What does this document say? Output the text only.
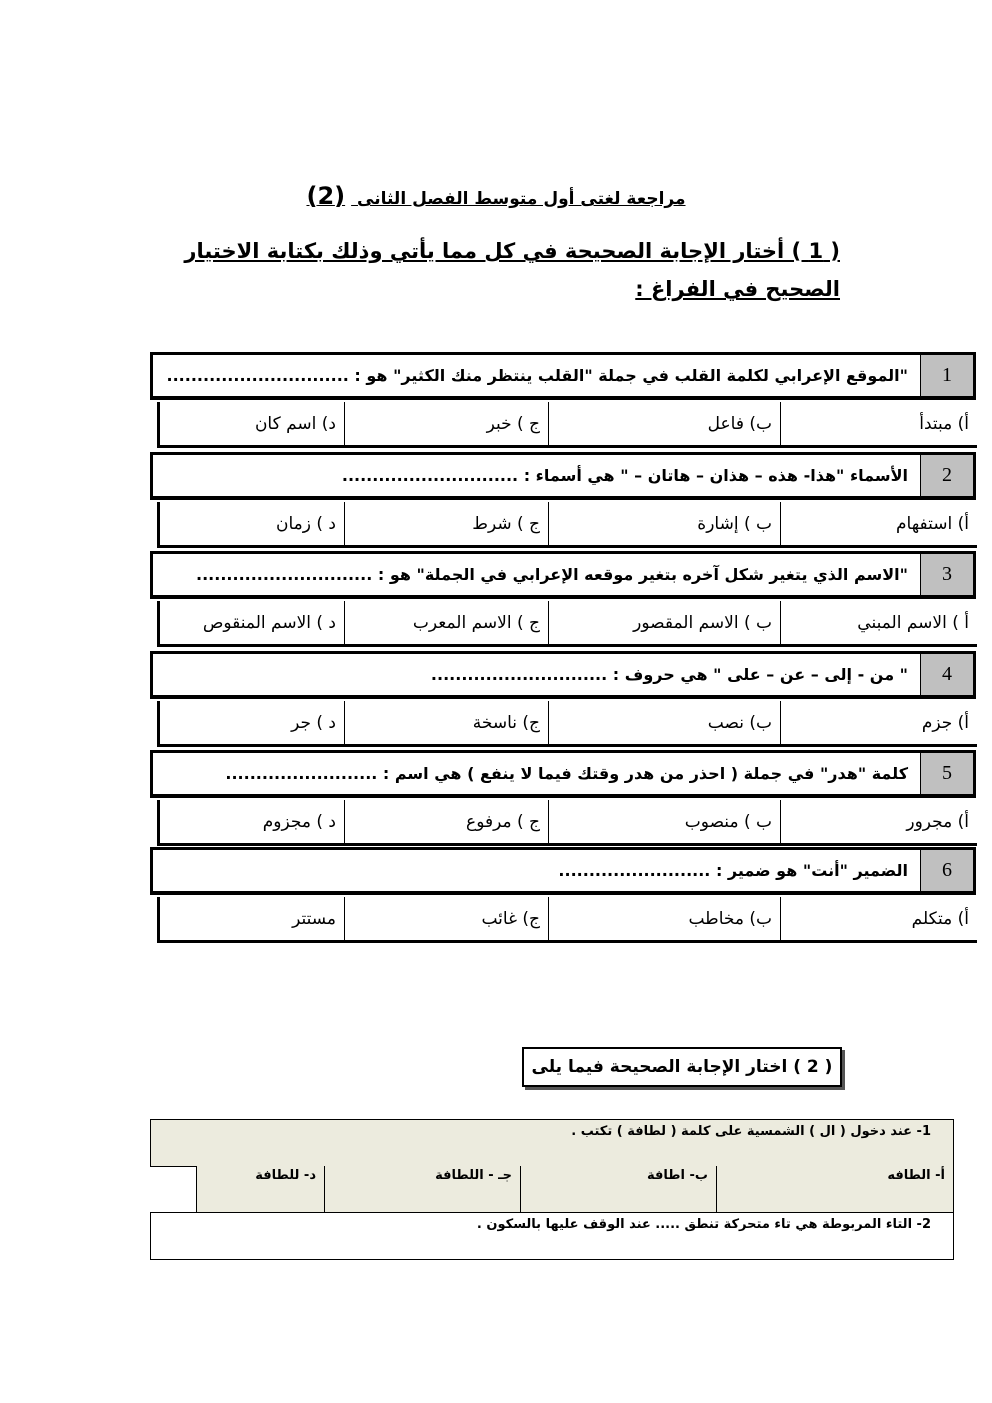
مراجعة لغتى أول متوسط الفصل الثانى (2)
( 1 ) أختار الإجابة الصحيحة في كل مما يأتي وذلك بكتابة الاختيار الصحيح في الفراغ :
1
"الموقع الإعرابي لكلمة القلب في جملة "القلب ينتظر منك الكثير" هو : ..............................
أ) مبتدأ
ب) فاعل
ج ) خبر
د) اسم كان
2
الأسماء "هذا- هذه – هذان – هاتان – " هي أسماء : .............................
أ) استفهام
ب ) إشارة
ج ) شرط
د ) زمان
3
"الاسم الذي يتغير شكل آخره بتغير موقعه الإعرابي في الجملة" هو : .............................
أ ) الاسم المبني
ب ) الاسم المقصور
ج ) الاسم المعرب
د ) الاسم المنقوص
4
" من - إلى – عن – على " هي حروف : .............................
أ) جزم
ب) نصب
ج) ناسخة
د ) جر
5
كلمة "هدر" في جملة ( احذر من هدر وقتك فيما لا ينفع ) هي اسم : .........................
أ) مجرور
ب ) منصوب
ج ) مرفوع
د ) مجزوم
6
الضمير "أنت" هو ضمير : .........................
أ) متكلم
ب) مخاطب
ج) غائب
مستتر
( 2 ) اختار الإجابة الصحيحة فيما يلى
1- عند دخول ( ال ) الشمسية على كلمة ( لطافة ) تكتب .
أ- الطافه
ب- اطافة
جـ - اللطافة
د- للطافة
2- التاء المربوطة هي تاء متحركة تنطق ..... عند الوقف عليها بالسكون .
